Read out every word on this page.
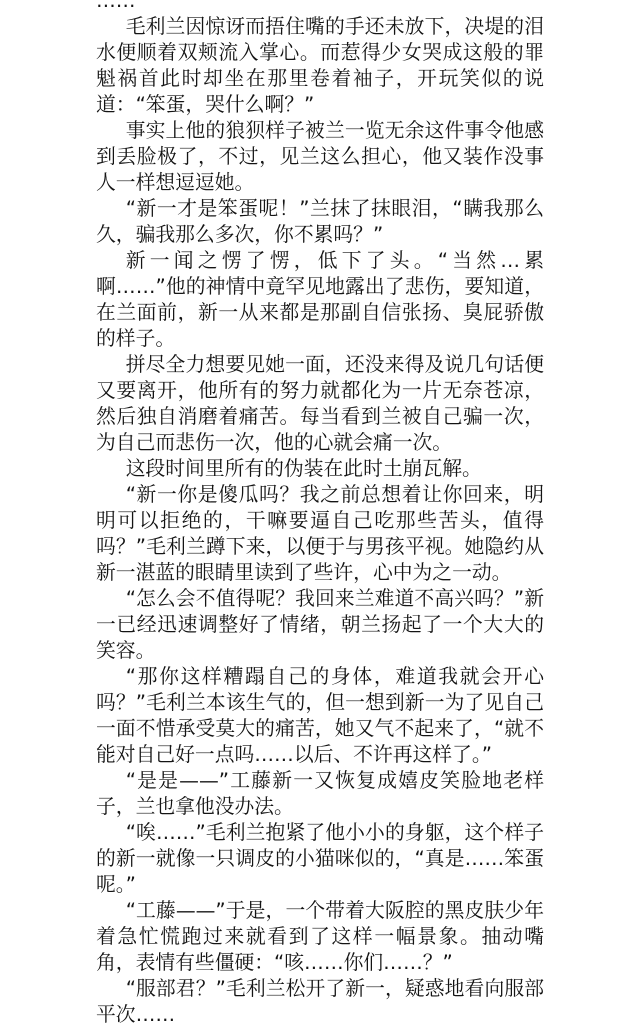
……

毛利兰因惊讶而捂住嘴的手还未放下，决堤的泪水便顺着双颊流入掌心。而惹得少女哭成这般的罪魁祸首此时却坐在那里卷着袖子，开玩笑似的说道：“笨蛋，哭什么啊？”

事实上他的狼狈样子被兰一览无余这件事令他感到丢脸极了，不过，见兰这么担心，他又装作没事人一样想逗逗她。

“新一才是笨蛋呢！”兰抹了抹眼泪，“瞒我那么久，骗我那么多次，你不累吗？”

新一闻之愣了愣，低下了头。“当然…累啊……”他的神情中竟罕见地露出了悲伤，要知道，在兰面前，新一从来都是那副自信张扬、臭屁骄傲的样子。

拼尽全力想要见她一面，还没来得及说几句话便又要离开，他所有的努力就都化为一片无奈苍凉，然后独自消磨着痛苦。每当看到兰被自己骗一次，为自己而悲伤一次，他的心就会痛一次。

这段时间里所有的伪装在此时土崩瓦解。

“新一你是傻瓜吗？我之前总想着让你回来，明明可以拒绝的，干嘛要逼自己吃那些苦头，值得吗？”毛利兰蹲下来，以便于与男孩平视。她隐约从新一湛蓝的眼睛里读到了些许，心中为之一动。

“怎么会不值得呢？我回来兰难道不高兴吗？”新一已经迅速调整好了情绪，朝兰扬起了一个大大的笑容。

“那你这样糟蹋自己的身体，难道我就会开心吗？”毛利兰本该生气的，但一想到新一为了见自己一面不惜承受莫大的痛苦，她又气不起来了，“就不能对自己好一点吗……以后、不许再这样了。”

“是是——”工藤新一又恢复成嬉皮笑脸地老样子，兰也拿他没办法。

“唉……”毛利兰抱紧了他小小的身躯，这个样子的新一就像一只调皮的小猫咪似的，“真是……笨蛋呢。”

“工藤——”于是，一个带着大阪腔的黑皮肤少年着急忙慌跑过来就看到了这样一幅景象。抽动嘴角，表情有些僵硬：“咳……你们……？”

“服部君？”毛利兰松开了新一，疑惑地看向服部平次……
